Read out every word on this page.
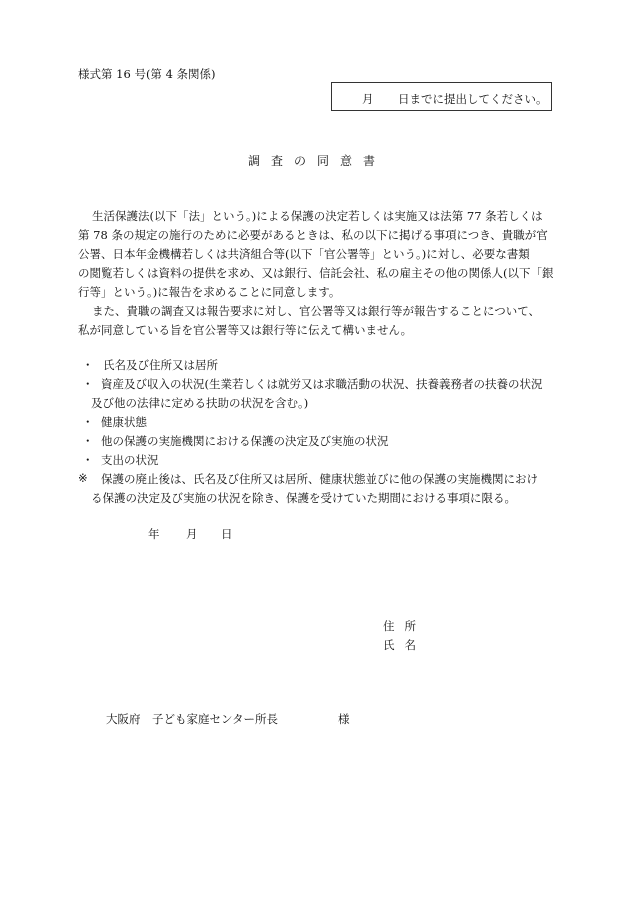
様式第 16 号(第 4 条関係)
月 日までに提出してください。
調査の同意書
生活保護法(以下「法」という。)による保護の決定若しくは実施又は法第 77 条若しくは
第 78 条の規定の施行のために必要があるときは、私の以下に掲げる事項につき、貴職が官
公署、日本年金機構若しくは共済組合等(以下「官公署等」という。)に対し、必要な書類
の閲覧若しくは資料の提供を求め、又は銀行、信託会社、私の雇主その他の関係人(以下「銀
行等」という。)に報告を求めることに同意します。
また、貴職の調査又は報告要求に対し、官公署等又は銀行等が報告することについて、
私が同意している旨を官公署等又は銀行等に伝えて構いません。
・ 氏名及び住所又は居所
・ 資産及び収入の状況(生業若しくは就労又は求職活動の状況、扶養義務者の扶養の状況
及び他の法律に定める扶助の状況を含む。)
・ 健康状態
・ 他の保護の実施機関における保護の決定及び実施の状況
・ 支出の状況
※ 保護の廃止後は、氏名及び住所又は居所、健康状態並びに他の保護の実施機関におけ
る保護の決定及び実施の状況を除き、保護を受けていた期間における事項に限る。
年 月 日
住所
氏名
大阪府　子ども家庭センター所長	様
